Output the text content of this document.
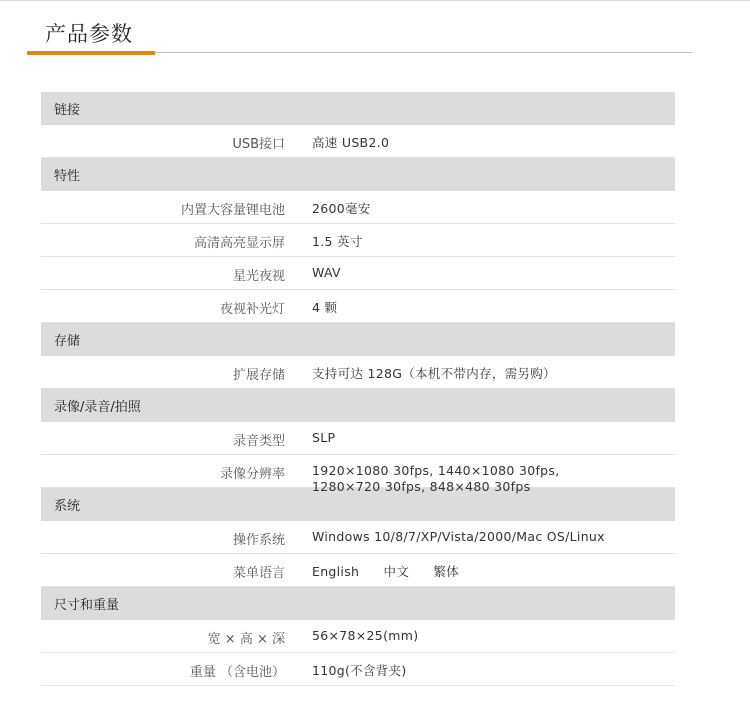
产品参数
链接
USB接口 高速 USB2.0
特性
内置大容量锂电池 2600毫安
高清高亮显示屏 1.5 英寸
星光夜视 WAV
夜视补光灯 4 颗
存储
扩展存储 支持可达 128G（本机不带内存，需另购）
录像/录音/拍照
录音类型 SLP
录像分辨率 1920×1080 30fps, 1440×1080 30fps,
1280×720 30fps, 848×480 30fps
系统
操作系统 Windows 10/8/7/XP/Vista/2000/Mac OS/Linux
菜单语言 English 中文 繁体
尺寸和重量
宽 × 高 × 深 56×78×25(mm)
重量 （含电池） 110g(不含背夹)
